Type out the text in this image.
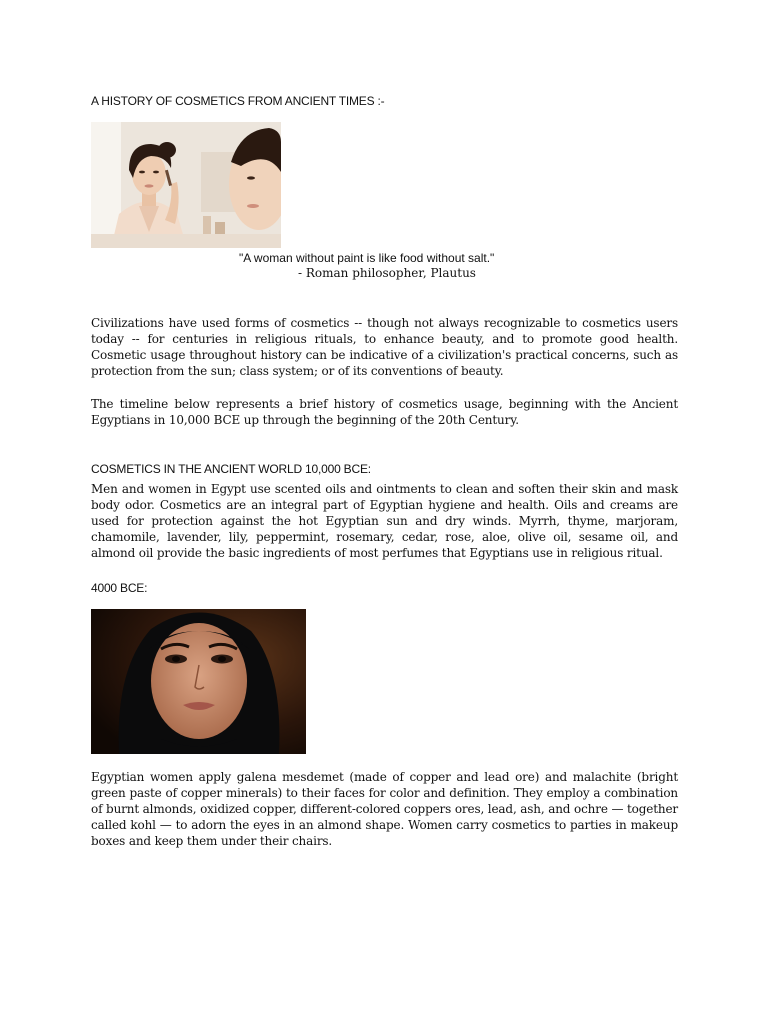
A HISTORY OF COSMETICS FROM ANCIENT TIMES :-

"A woman without paint is like food without salt."

- Roman philosopher, Plautus

Civilizations have used forms of cosmetics -- though not always recognizable to cosmetics users today -- for centuries in religious rituals, to enhance beauty, and to promote good health. Cosmetic usage throughout history can be indicative of a civilization's practical concerns, such as protection from the sun; class system; or of its conventions of beauty.

The timeline below represents a brief history of cosmetics usage, beginning with the Ancient Egyptians in 10,000 BCE up through the beginning of the 20th Century.

COSMETICS IN THE ANCIENT WORLD 10,000 BCE:

Men and women in Egypt use scented oils and ointments to clean and soften their skin and mask body odor. Cosmetics are an integral part of Egyptian hygiene and health. Oils and creams are used for protection against the hot Egyptian sun and dry winds. Myrrh, thyme, marjoram, chamomile, lavender, lily, peppermint, rosemary, cedar, rose, aloe, olive oil, sesame oil, and almond oil provide the basic ingredients of most perfumes that Egyptians use in religious ritual.

4000 BCE:

Egyptian women apply galena mesdemet (made of copper and lead ore) and malachite (bright green paste of copper minerals) to their faces for color and definition. They employ a combination of burnt almonds, oxidized copper, different-colored coppers ores, lead, ash, and ochre — together called kohl — to adorn the eyes in an almond shape. Women carry cosmetics to parties in makeup boxes and keep them under their chairs.
